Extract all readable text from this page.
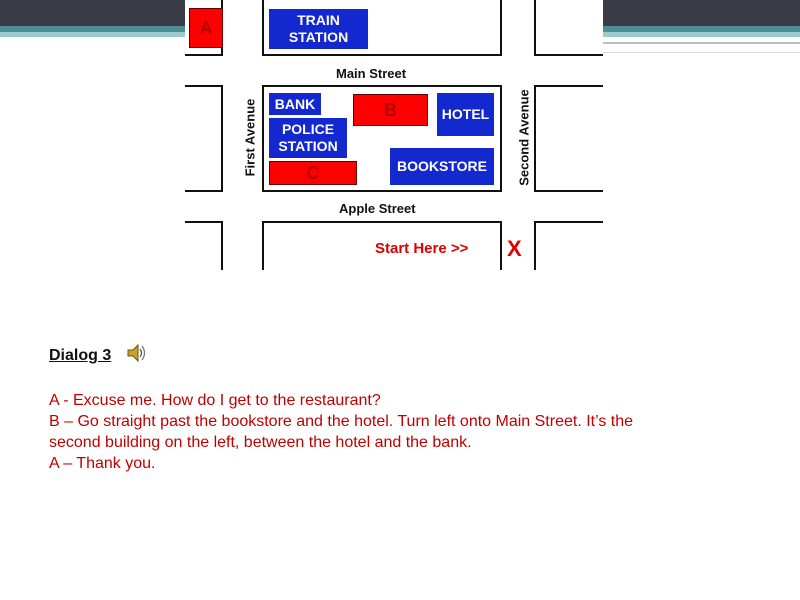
A	TRAIN STATION
Main Street
BANK	B	HOTEL
POLICE STATION
C	BOOKSTORE
First Avenue	Second Avenue
Apple Street
Start Here >> X
Dialog 3

A - Excuse me. How do I get to the restaurant?

B – Go straight past the bookstore and the hotel. Turn left onto Main Street. It’s the second building on the left, between the hotel and the bank.

A – Thank you.
